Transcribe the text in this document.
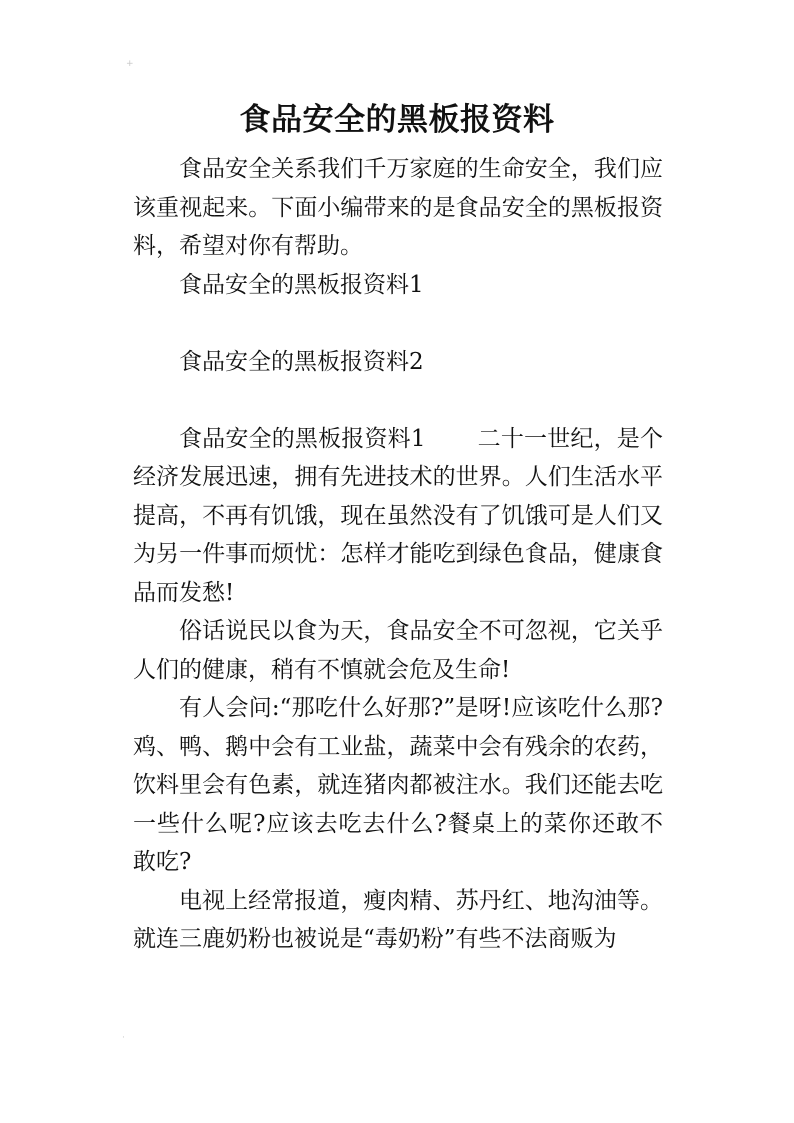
+
食品安全的黑板报资料

食品安全关系我们千万家庭的生命安全，我们应该重视起来。下面小编带来的是食品安全的黑板报资料，希望对你有帮助。

食品安全的黑板报资料1

食品安全的黑板报资料2

食品安全的黑板报资料1 二十一世纪，是个经济发展迅速，拥有先进技术的世界。人们生活水平提高，不再有饥饿，现在虽然没有了饥饿可是人们又为另一件事而烦忧：怎样才能吃到绿色食品，健康食品而发愁!

俗话说民以食为天，食品安全不可忽视，它关乎人们的健康，稍有不慎就会危及生命!

有人会问:“那吃什么好那?”是呀!应该吃什么那?鸡、鸭、鹅中会有工业盐，蔬菜中会有残余的农药，饮料里会有色素，就连猪肉都被注水。我们还能去吃一些什么呢?应该去吃去什么?餐桌上的菜你还敢不敢吃?

电视上经常报道，瘦肉精、苏丹红、地沟油等。就连三鹿奶粉也被说是“毒奶粉”有些不法商贩为

·
